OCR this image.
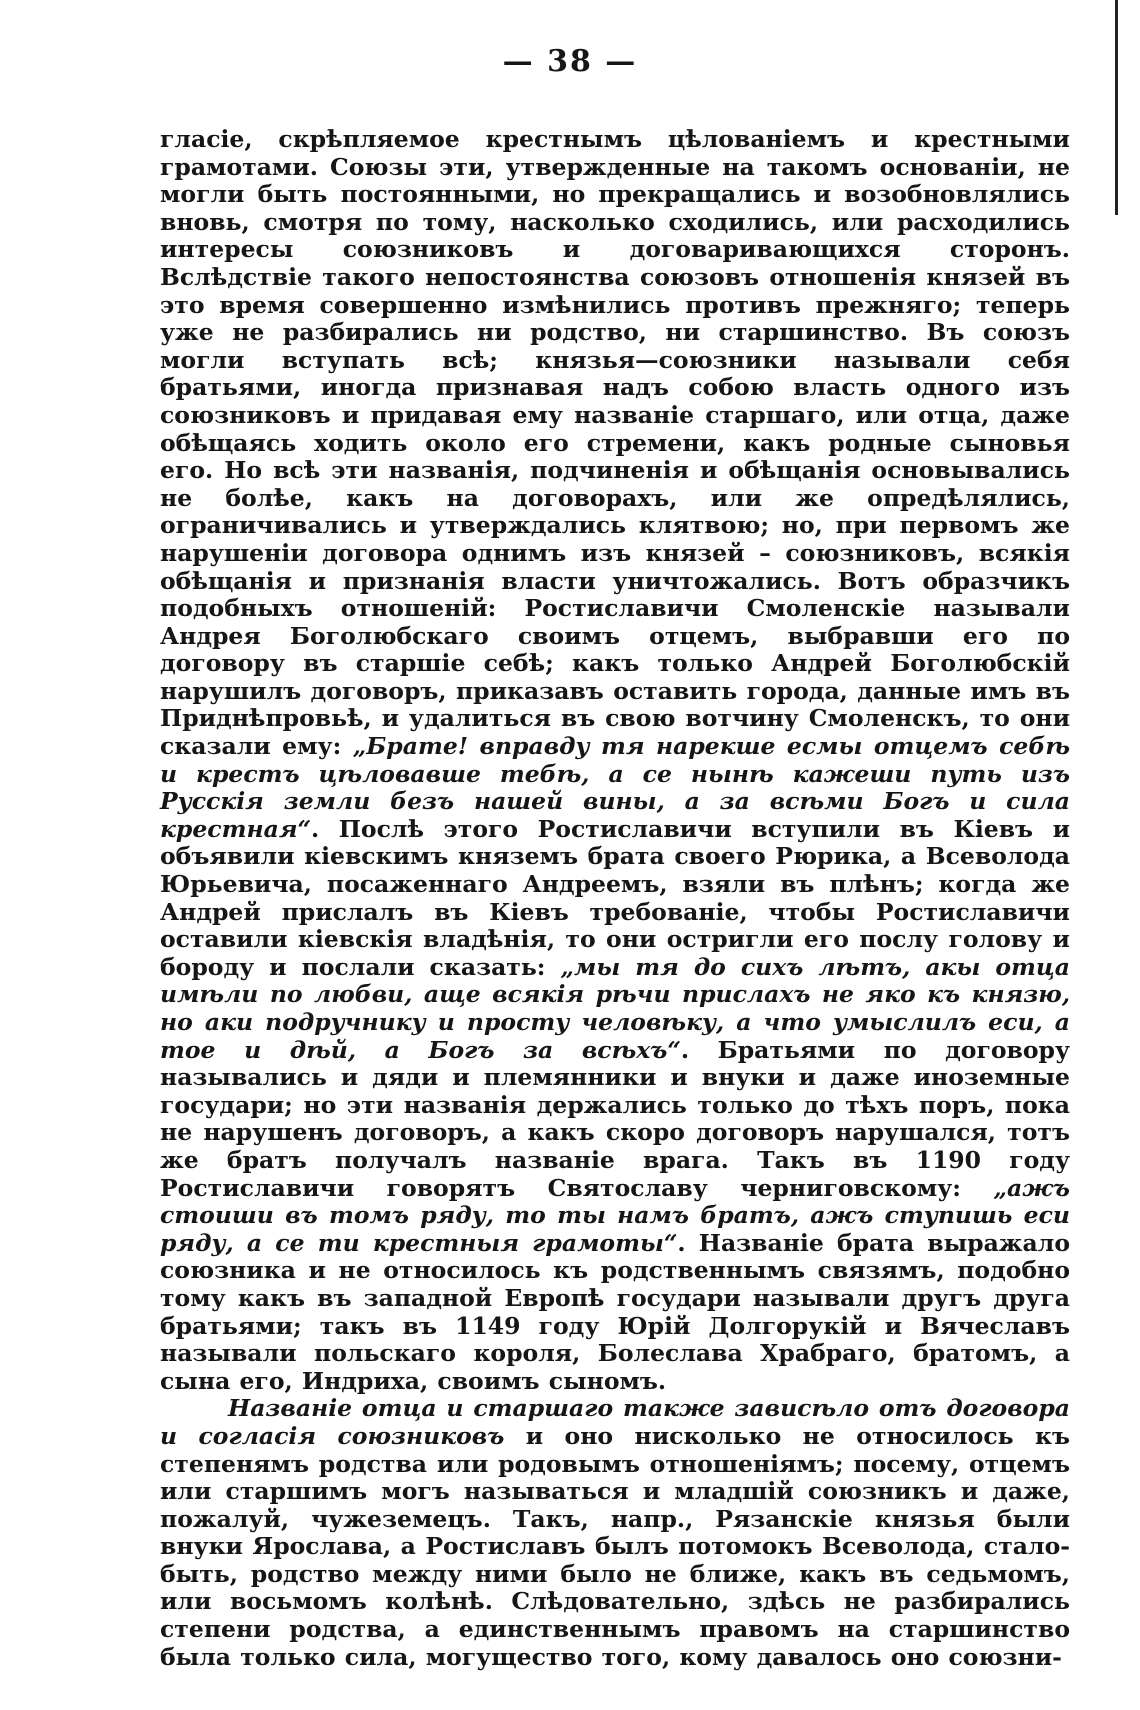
— 38 —

гласіе, скрѣпляемое крестнымъ цѣлованіемъ и крестными грамотами. Союзы эти, утвержденные на такомъ основаніи, не могли быть постоянными, но прекращались и возобновлялись вновь, смотря по тому, насколько сходились, или расходились интересы союзниковъ и договаривающихся сторонъ. Вслѣдствіе такого непостоянства союзовъ отношенія князей въ это время совершенно измѣнились противъ прежняго; теперь уже не разбирались ни родство, ни старшинство. Въ союзъ могли вступать всѣ; князья—союзники называли себя братьями, иногда признавая надъ собою власть одного изъ союзниковъ и придавая ему названіе старшаго, или отца, даже обѣщаясь ходить около его стремени, какъ родные сыновья его. Но всѣ эти названія, подчиненія и обѣщанія основывались не болѣе, какъ на договорахъ, или же опредѣлялись, ограничивались и утверждались клятвою; но, при первомъ же нарушеніи договора однимъ изъ князей – союзниковъ, всякія обѣщанія и признанія власти уничтожались. Вотъ образчикъ подобныхъ отношеній: Ростиславичи Смоленскіе называли Андрея Боголюбскаго своимъ отцемъ, выбравши его по договору въ старшіе себѣ; какъ только Андрей Боголюбскій нарушилъ договоръ, приказавъ оставить города, данные имъ въ Приднѣпровьѣ, и удалиться въ свою вотчину Смоленскъ, то они сказали ему: „Брате! вправду тя нарекше есмы отцемъ себѣ и крестъ цѣловавше тебѣ, а се нынѣ кажеши путь изъ Русскія земли безъ нашей вины, а за всѣми Богъ и сила крестная“. Послѣ этого Ростиславичи вступили въ Кіевъ и объявили кіевскимъ княземъ брата своего Рюрика, а Всеволода Юрьевича, посаженнаго Андреемъ, взяли въ плѣнъ; когда же Андрей прислалъ въ Кіевъ требованіе, чтобы Ростиславичи оставили кіевскія владѣнія, то они остригли его послу голову и бороду и послали сказать: „мы тя до сихъ лѣтъ, акы отца имѣли по любви, аще всякія рѣчи прислахъ не яко къ князю, но аки подручнику и просту человѣку, а что умыслилъ еси, а тое и дѣй, а Богъ за всѣхъ“. Братьями по договору назывались и дяди и племянники и внуки и даже иноземные государи; но эти названія держались только до тѣхъ поръ, пока не нарушенъ договоръ, а какъ скоро договоръ нарушался, тотъ же братъ получалъ названіе врага. Такъ въ 1190 году Ростиславичи говорятъ Святославу черниговскому: „ажъ стоиши въ томъ ряду, то ты намъ братъ, ажъ ступишь еси ряду, а се ти крестныя грамоты“. Названіе брата выражало союзника и не относилось къ родственнымъ связямъ, подобно тому какъ въ западной Европѣ государи называли другъ друга братьями; такъ въ 1149 году Юрій Долгорукій и Вячеславъ называли польскаго короля, Болеслава Храбраго, братомъ, а сына его, Индриха, своимъ сыномъ.

Названіе отца и старшаго также зависѣло отъ договора и согласія союзниковъ и оно нисколько не относилось къ степенямъ родства или родовымъ отношеніямъ; посему, отцемъ или старшимъ могъ называться и младшій союзникъ и даже, пожалуй, чужеземецъ. Такъ, напр., Рязанскіе князья были внуки Ярослава, а Ростиславъ былъ потомокъ Всеволода, стало-быть, родство между ними было не ближе, какъ въ седьмомъ, или восьмомъ колѣнѣ. Слѣдовательно, здѣсь не разбирались степени родства, а единственнымъ правомъ на старшинство была только сила, могущество того, кому давалось оно союзни-
